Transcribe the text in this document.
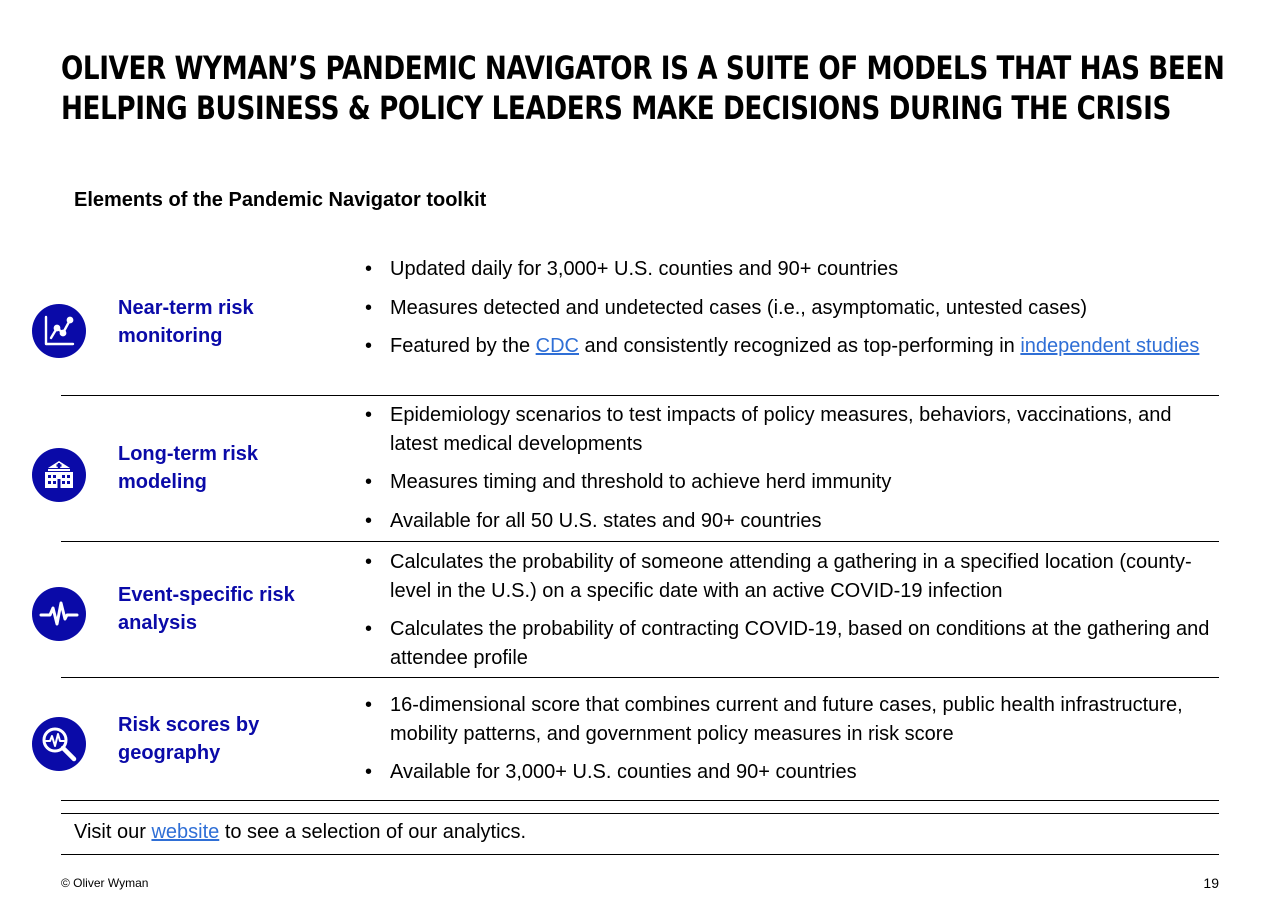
OLIVER WYMAN’S PANDEMIC NAVIGATOR IS A SUITE OF MODELS THAT HAS BEEN
HELPING BUSINESS & POLICY LEADERS MAKE DECISIONS DURING THE CRISIS
Elements of the Pandemic Navigator toolkit
Near-term risk
monitoring
• Updated daily for 3,000+ U.S. counties and 90+ countries
• Measures detected and undetected cases (i.e., asymptomatic, untested cases)
• Featured by the CDC and consistently recognized as top-performing in independent studies
Long-term risk
modeling
• Epidemiology scenarios to test impacts of policy measures, behaviors, vaccinations, and latest medical developments
• Measures timing and threshold to achieve herd immunity
• Available for all 50 U.S. states and 90+ countries
Event-specific risk
analysis
• Calculates the probability of someone attending a gathering in a specified location (county-level in the U.S.) on a specific date with an active COVID-19 infection
• Calculates the probability of contracting COVID-19, based on conditions at the gathering and attendee profile
Risk scores by
geography
• 16-dimensional score that combines current and future cases, public health infrastructure, mobility patterns, and government policy measures in risk score
• Available for 3,000+ U.S. counties and 90+ countries
Visit our website to see a selection of our analytics.
© Oliver Wyman	19
